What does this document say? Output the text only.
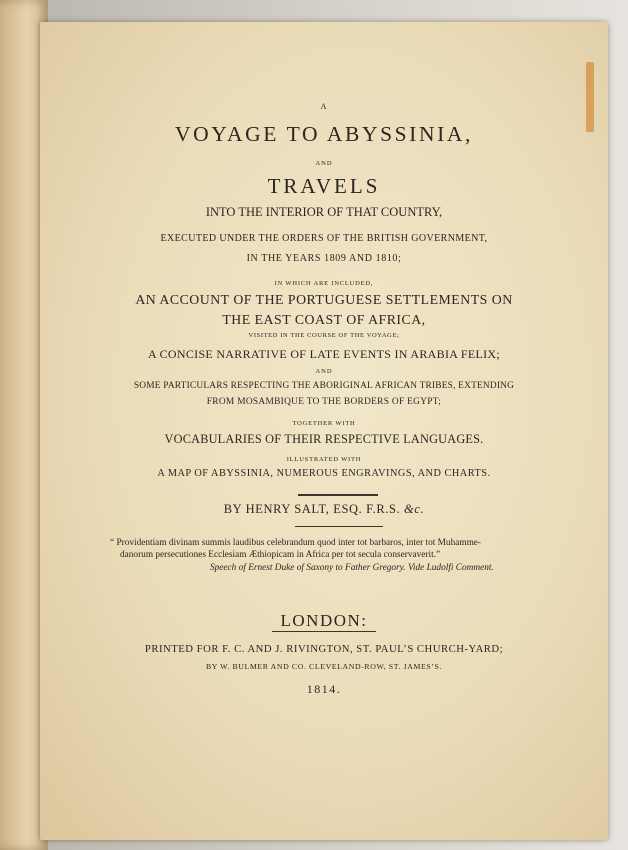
A
VOYAGE TO ABYSSINIA,
AND
TRAVELS
INTO THE INTERIOR OF THAT COUNTRY,
EXECUTED UNDER THE ORDERS OF THE BRITISH GOVERNMENT,
IN THE YEARS 1809 AND 1810;
IN WHICH ARE INCLUDED,
AN ACCOUNT OF THE PORTUGUESE SETTLEMENTS ON
THE EAST COAST OF AFRICA,
VISITED IN THE COURSE OF THE VOYAGE;
A CONCISE NARRATIVE OF LATE EVENTS IN ARABIA FELIX;
AND
SOME PARTICULARS RESPECTING THE ABORIGINAL AFRICAN TRIBES, EXTENDING
FROM MOSAMBIQUE TO THE BORDERS OF EGYPT;
TOGETHER WITH
VOCABULARIES OF THEIR RESPECTIVE LANGUAGES.
ILLUSTRATED WITH
A MAP OF ABYSSINIA, NUMEROUS ENGRAVINGS, AND CHARTS.
BY HENRY SALT, ESQ. F.R.S. &c.
“ Providentiam divinam summis laudibus celebrandum quod inter tot barbaros, inter tot Muhamme-
danorum persecutiones Ecclesiam Æthiopicam in Africa per tot secula conservaverit.”
Speech of Ernest Duke of Saxony to Father Gregory. Vide Ludolfi Comment.
LONDON:
PRINTED FOR F. C. AND J. RIVINGTON, ST. PAUL’S CHURCH-YARD;
BY W. BULMER AND CO. CLEVELAND-ROW, ST. JAMES’S.
1814.
